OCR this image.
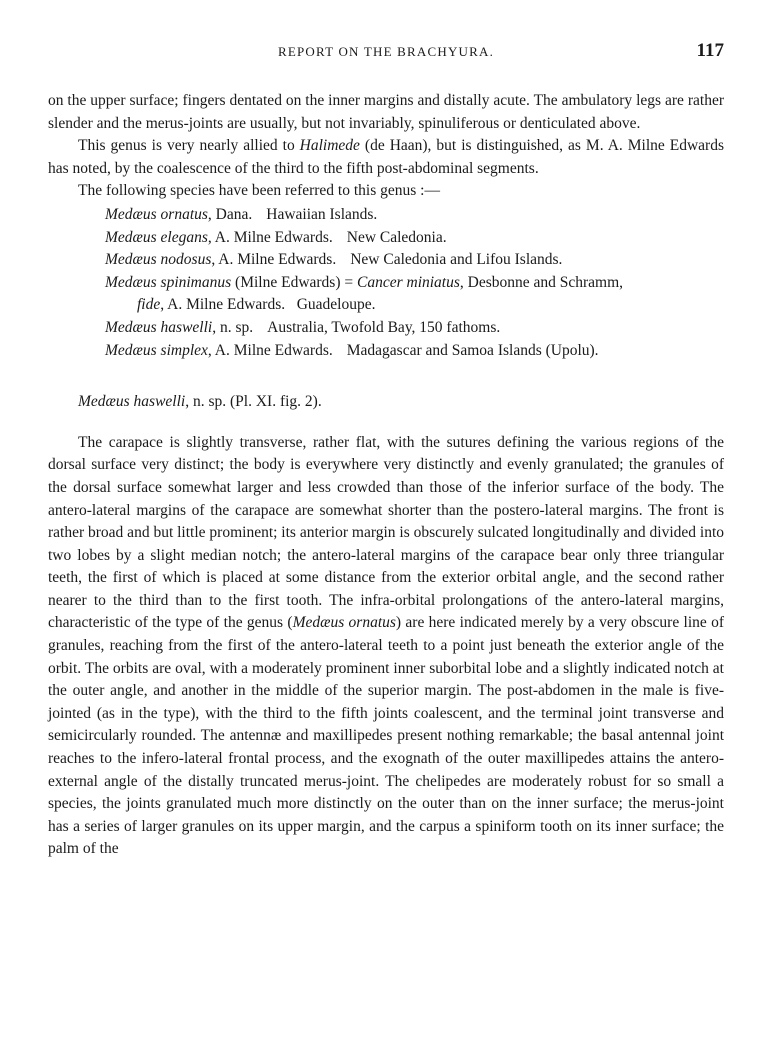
REPORT ON THE BRACHYURA.	117

on the upper surface; fingers dentated on the inner margins and distally acute. The ambulatory legs are rather slender and the merus-joints are usually, but not invariably, spinuliferous or denticulated above.

This genus is very nearly allied to Halimede (de Haan), but is distinguished, as M. A. Milne Edwards has noted, by the coalescence of the third to the fifth post-abdominal segments.

The following species have been referred to this genus :—

Medæus ornatus, Dana. Hawaiian Islands.
Medæus elegans, A. Milne Edwards. New Caledonia.
Medæus nodosus, A. Milne Edwards. New Caledonia and Lifou Islands.
Medæus spinimanus (Milne Edwards) = Cancer miniatus, Desbonne and Schramm, fide, A. Milne Edwards.   Guadeloupe.
Medæus haswelli, n. sp. Australia, Twofold Bay, 150 fathoms.
Medæus simplex, A. Milne Edwards. Madagascar and Samoa Islands (Upolu).

Medæus haswelli, n. sp. (Pl. XI. fig. 2).

The carapace is slightly transverse, rather flat, with the sutures defining the various regions of the dorsal surface very distinct; the body is everywhere very distinctly and evenly granulated; the granules of the dorsal surface somewhat larger and less crowded than those of the inferior surface of the body. The antero-lateral margins of the carapace are somewhat shorter than the postero-lateral margins. The front is rather broad and but little prominent; its anterior margin is obscurely sulcated longitudinally and divided into two lobes by a slight median notch; the antero-lateral margins of the carapace bear only three triangular teeth, the first of which is placed at some distance from the exterior orbital angle, and the second rather nearer to the third than to the first tooth. The infra-orbital prolongations of the antero-lateral margins, characteristic of the type of the genus (Medæus ornatus) are here indicated merely by a very obscure line of granules, reaching from the first of the antero-lateral teeth to a point just beneath the exterior angle of the orbit. The orbits are oval, with a moderately prominent inner suborbital lobe and a slightly indicated notch at the outer angle, and another in the middle of the superior margin. The post-abdomen in the male is five-jointed (as in the type), with the third to the fifth joints coalescent, and the terminal joint transverse and semicircularly rounded. The antennæ and maxillipedes present nothing remarkable; the basal antennal joint reaches to the infero-lateral frontal process, and the exognath of the outer maxillipedes attains the antero-external angle of the distally truncated merus-joint. The chelipedes are moderately robust for so small a species, the joints granulated much more distinctly on the outer than on the inner surface; the merus-joint has a series of larger granules on its upper margin, and the carpus a spiniform tooth on its inner surface; the palm of the
